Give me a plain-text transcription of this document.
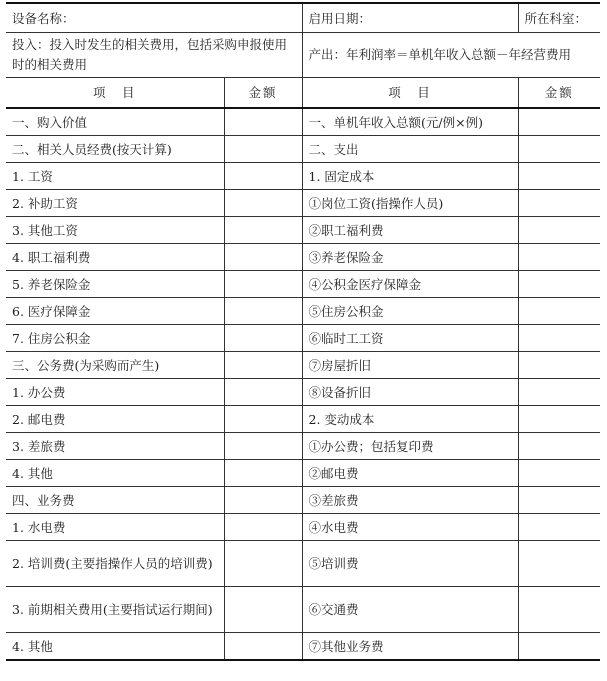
设备名称：		启用日期：	所在科室：
投入：投入时发生的相关费用，包括采购申报使用时的相关费用		产出：年利润率＝单机年收入总额－年经营费用	
项　目	金额	项　目	金额
一、购入价值		一、单机年收入总额(元/例×例)	
二、相关人员经费(按天计算)		二、支出	
1. 工资		1. 固定成本	
2. 补助工资		①岗位工资(指操作人员)	
3. 其他工资		②职工福利费	
4. 职工福利费		③养老保险金	
5. 养老保险金		④公积金医疗保障金	
6. 医疗保障金		⑤住房公积金	
7. 住房公积金		⑥临时工工资	
三、公务费(为采购而产生)		⑦房屋折旧	
1. 办公费		⑧设备折旧	
2. 邮电费		2. 变动成本	
3. 差旅费		①办公费；包括复印费	
4. 其他		②邮电费	
四、业务费		③差旅费	
1. 水电费		④水电费	
2. 培训费(主要指操作人员的培训费)		⑤培训费	
3. 前期相关费用(主要指试运行期间)		⑥交通费	
4. 其他		⑦其他业务费	
